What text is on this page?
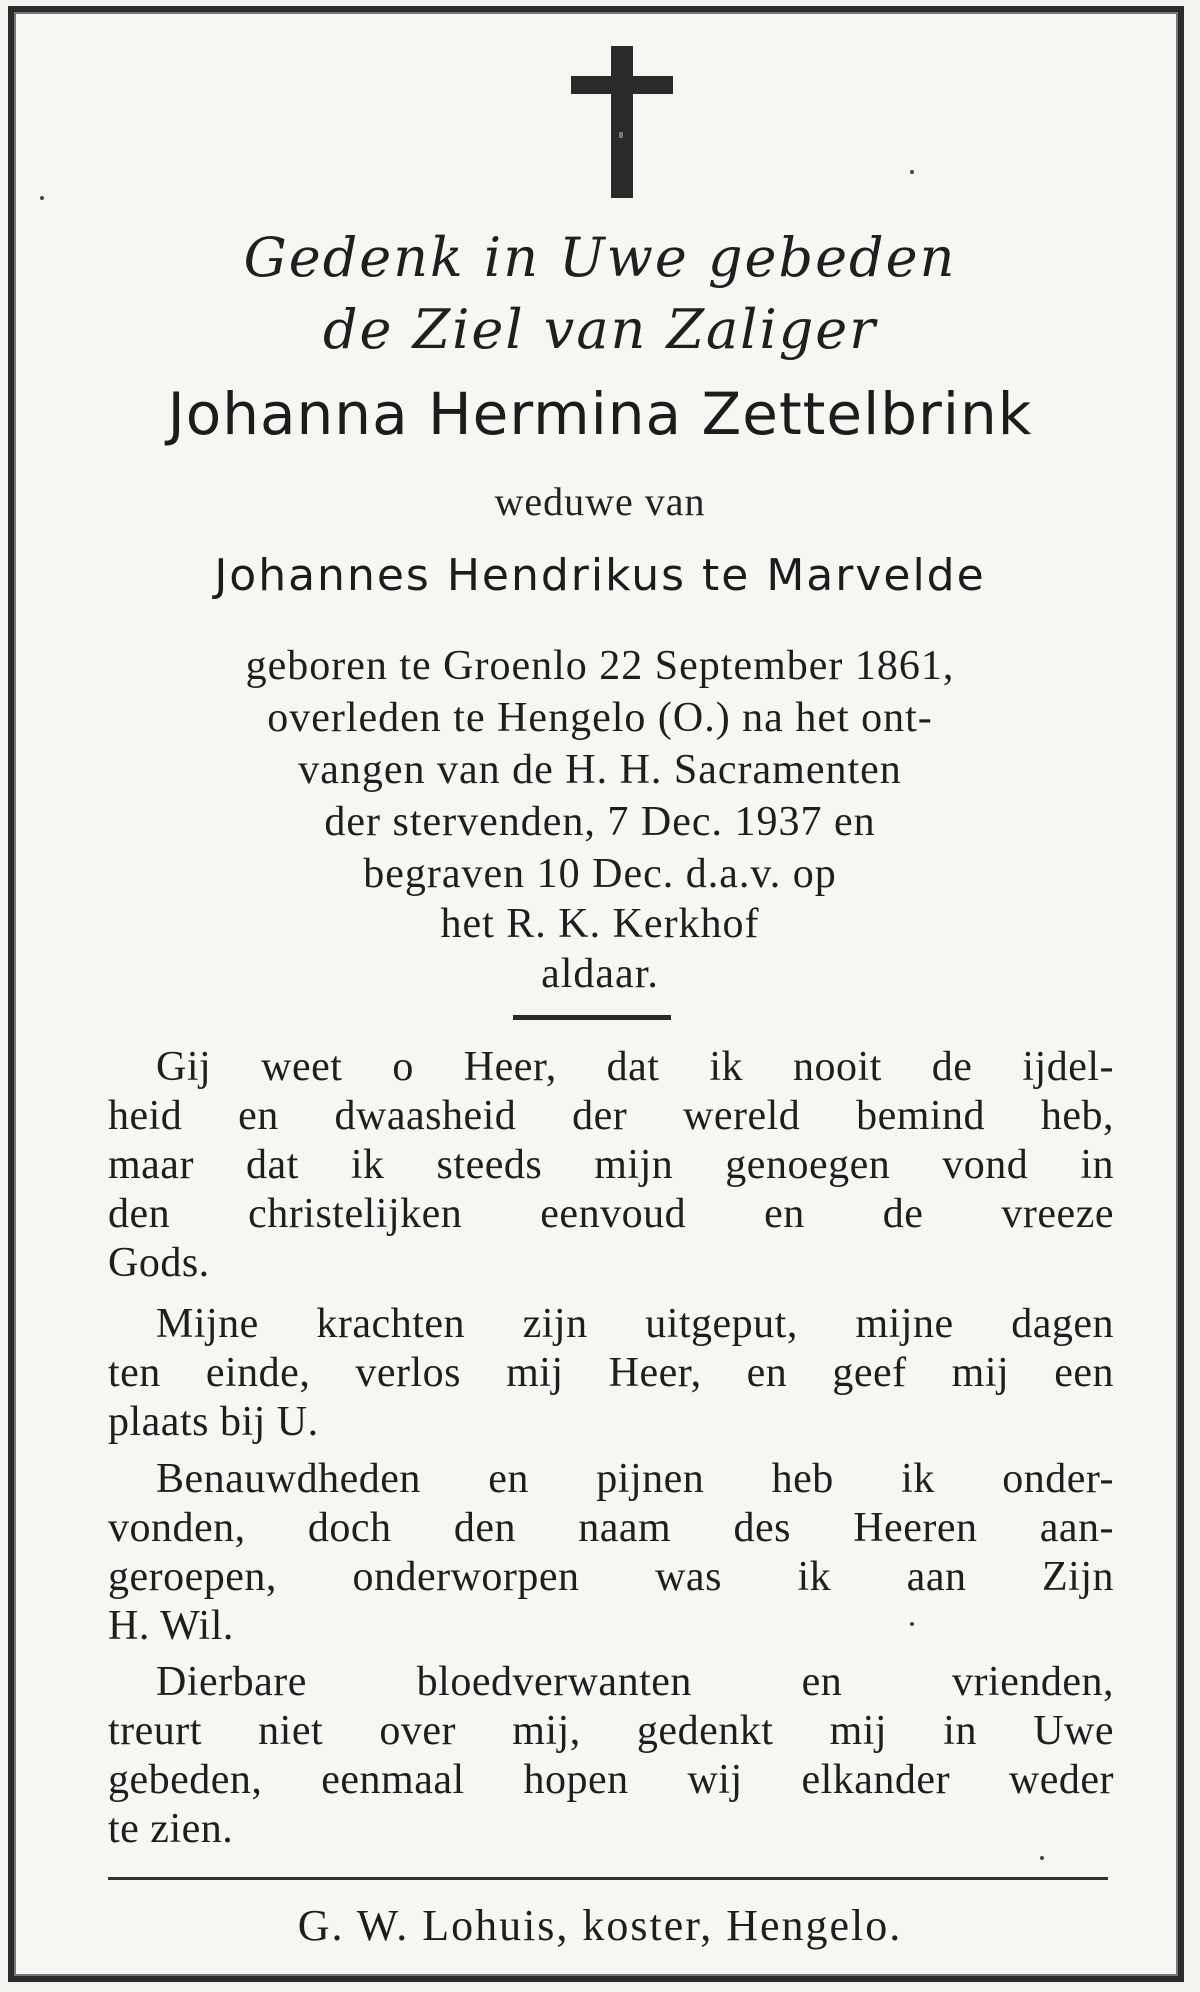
Gedenk in Uwe gebeden
de Ziel van Zaliger
Johanna Hermina Zettelbrink
weduwe van
Johannes Hendrikus te Marvelde
geboren te Groenlo 22 September 1861,
overleden te Hengelo (O.) na het ont-
vangen van de H. H. Sacramenten
der stervenden, 7 Dec. 1937 en
begraven 10 Dec. d.a.v. op
het R. K. Kerkhof
aldaar.
Gij weet o Heer, dat ik nooit de ijdel-
heid en dwaasheid der wereld bemind heb,
maar dat ik steeds mijn genoegen vond in
den christelijken eenvoud en de vreeze
Gods.
Mijne krachten zijn uitgeput, mijne dagen
ten einde, verlos mij Heer, en geef mij een
plaats bij U.
Benauwdheden en pijnen heb ik onder-
vonden, doch den naam des Heeren aan-
geroepen, onderworpen was ik aan Zijn
H. Wil.
Dierbare bloedverwanten en vrienden,
treurt niet over mij, gedenkt mij in Uwe
gebeden, eenmaal hopen wij elkander weder
te zien.
G. W. Lohuis, koster, Hengelo.
